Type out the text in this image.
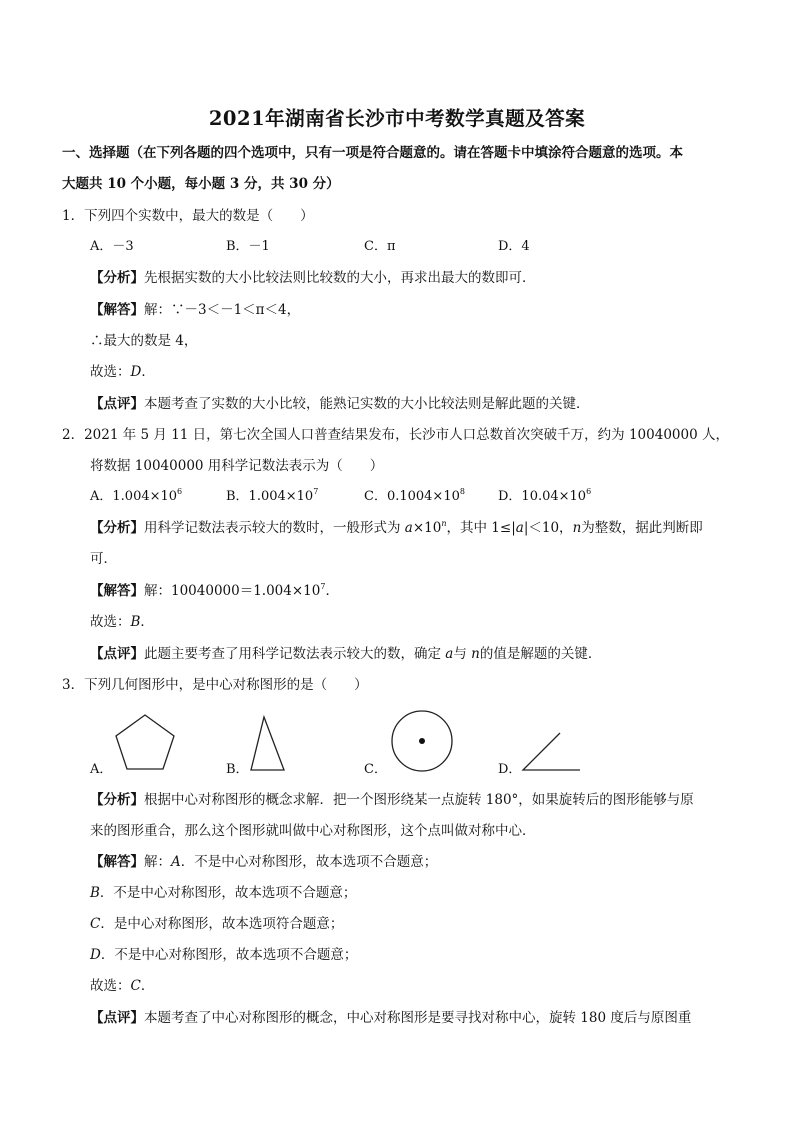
2021年湖南省长沙市中考数学真题及答案
一、选择题（在下列各题的四个选项中，只有一项是符合题意的。请在答题卡中填涂符合题意的选项。本
大题共 10 个小题，每小题 3 分，共 30 分）
1．下列四个实数中，最大的数是（　　）
A．－3	B．－1	C．π	D．4
【分析】先根据实数的大小比较法则比较数的大小，再求出最大的数即可．
【解答】解：∵－3＜－1＜π＜4，
∴最大的数是 4，
故选：D．
【点评】本题考查了实数的大小比较，能熟记实数的大小比较法则是解此题的关键．
2．2021 年 5 月 11 日，第七次全国人口普查结果发布，长沙市人口总数首次突破千万，约为 10040000 人，
将数据 10040000 用科学记数法表示为（　　）
A．$1.004\times 10^6$	B．$1.004\times 10^7$	C．$0.1004\times 10^8$	D．$10.04\times 10^6$
【分析】用科学记数法表示较大的数时，一般形式为 $a\times 10^n$，其中 1≤|a|＜10，n为整数，据此判断即
可．
【解答】解：$10040000=1.004\times 10^7$．
故选：B．
【点评】此题主要考查了用科学记数法表示较大的数，确定 a与 n的值是解题的关键．
3．下列几何图形中，是中心对称图形的是（　　）
A．	B．	C．	D．
【分析】根据中心对称图形的概念求解．把一个图形绕某一点旋转 180°，如果旋转后的图形能够与原
来的图形重合，那么这个图形就叫做中心对称图形，这个点叫做对称中心．
【解答】解：A．不是中心对称图形，故本选项不合题意；
B．不是中心对称图形，故本选项不合题意；
C．是中心对称图形，故本选项符合题意；
D．不是中心对称图形，故本选项不合题意；
故选：C．
【点评】本题考查了中心对称图形的概念，中心对称图形是要寻找对称中心，旋转 180 度后与原图重
